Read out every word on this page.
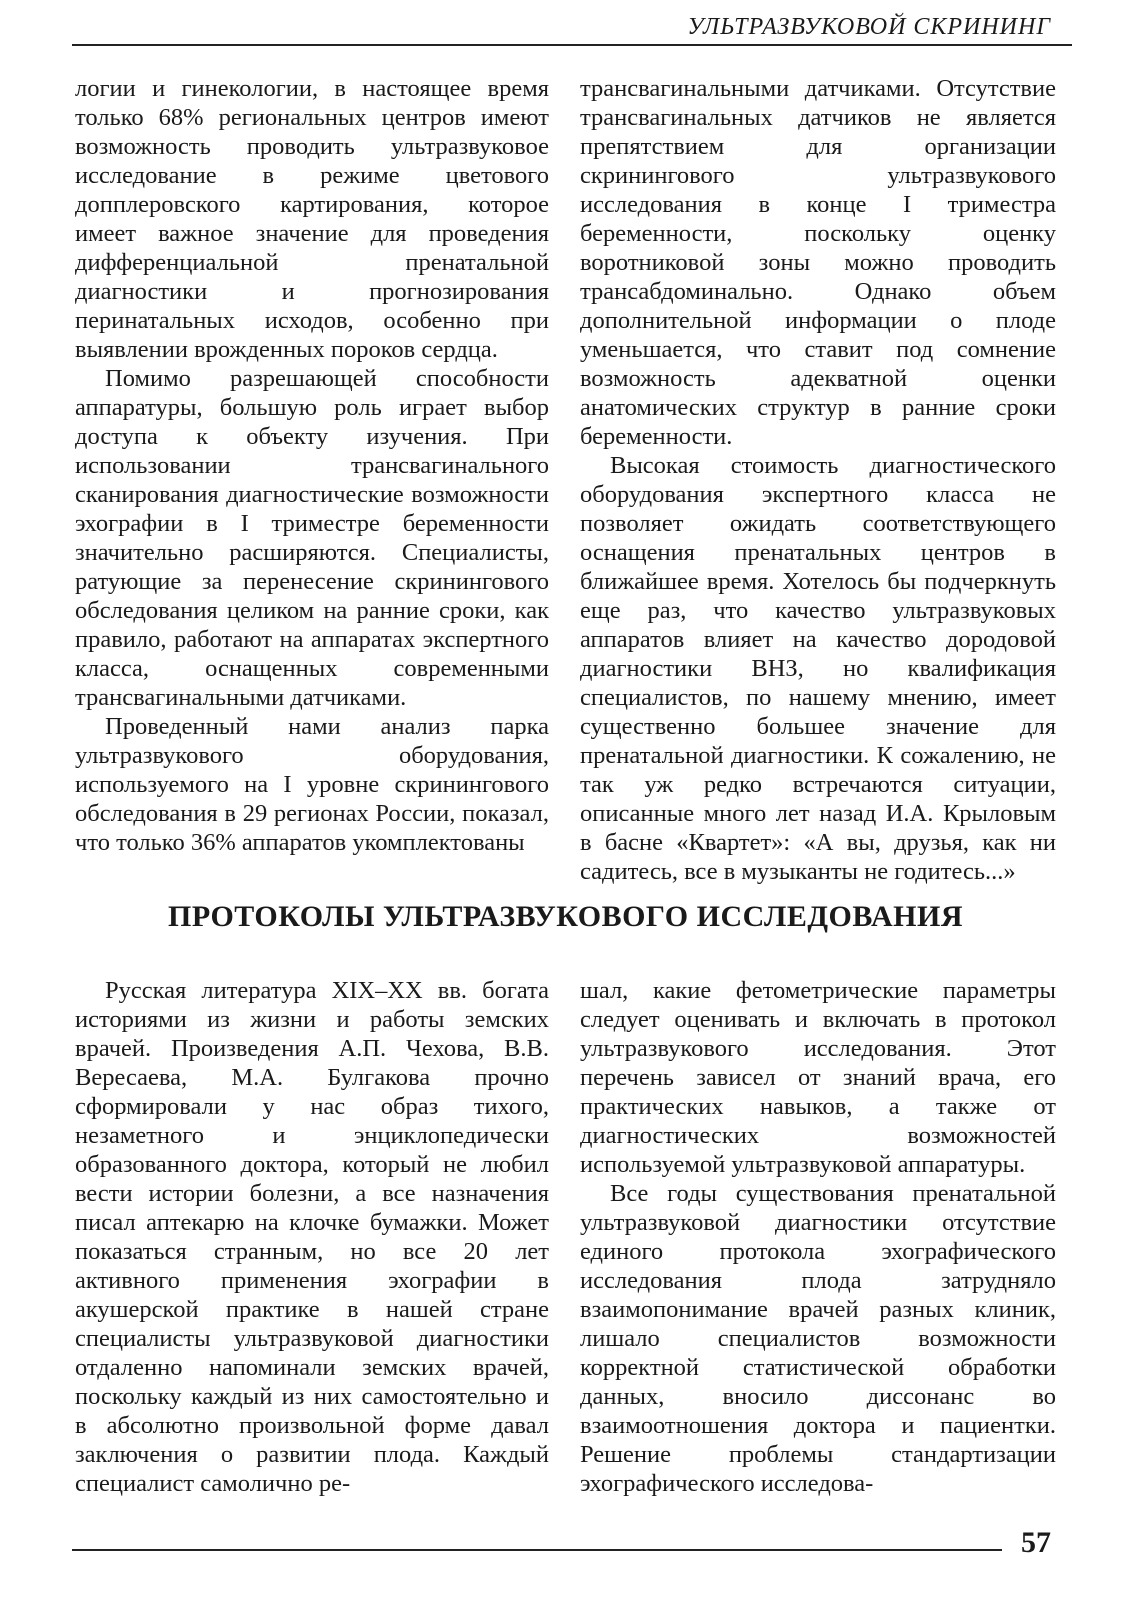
УЛЬТРАЗВУКОВОЙ СКРИНИНГ

логии и гинекологии, в настоящее время только 68% региональных центров имеют возможность проводить ультразвуковое исследование в режиме цветового допплеровского картирования, которое имеет важное значение для проведения дифференциальной пренатальной диагностики и прогнозирования перинатальных исходов, особенно при выявлении врожденных пороков сердца.

Помимо разрешающей способности аппаратуры, большую роль играет выбор доступа к объекту изучения. При использовании трансвагинального сканирования диагностические возможности эхографии в I триместре беременности значительно расширяются. Специалисты, ратующие за перенесение скринингового обследования целиком на ранние сроки, как правило, работают на аппаратах экспертного класса, оснащенных современными трансвагинальными датчиками.

Проведенный нами анализ парка ультразвукового оборудования, используемого на I уровне скринингового обследования в 29 регионах России, показал, что только 36% аппаратов укомплектованы

трансвагинальными датчиками. Отсутствие трансвагинальных датчиков не является препятствием для организации скринингового ультразвукового исследования в конце I триместра беременности, поскольку оценку воротниковой зоны можно проводить трансабдоминально. Однако объем дополнительной информации о плоде уменьшается, что ставит под сомнение возможность адекватной оценки анатомических структур в ранние сроки беременности.

Высокая стоимость диагностического оборудования экспертного класса не позволяет ожидать соответствующего оснащения пренатальных центров в ближайшее время. Хотелось бы подчеркнуть еще раз, что качество ультразвуковых аппаратов влияет на качество дородовой диагностики ВНЗ, но квалификация специалистов, по нашему мнению, имеет существенно большее значение для пренатальной диагностики. К сожалению, не так уж редко встречаются ситуации, описанные много лет назад И.А. Крыловым в басне «Квартет»: «А вы, друзья, как ни садитесь, все в музыканты не годитесь...»

ПРОТОКОЛЫ УЛЬТРАЗВУКОВОГО ИССЛЕДОВАНИЯ

Русская литература XIX–XX вв. богата историями из жизни и работы земских врачей. Произведения А.П. Чехова, В.В. Вересаева, М.А. Булгакова прочно сформировали у нас образ тихого, незаметного и энциклопедически образованного доктора, который не любил вести истории болезни, а все назначения писал аптекарю на клочке бумажки. Может показаться странным, но все 20 лет активного применения эхографии в акушерской практике в нашей стране специалисты ультразвуковой диагностики отдаленно напоминали земских врачей, поскольку каждый из них самостоятельно и в абсолютно произвольной форме давал заключения о развитии плода. Каждый специалист самолично ре-

шал, какие фетометрические параметры следует оценивать и включать в протокол ультразвукового исследования. Этот перечень зависел от знаний врача, его практических навыков, а также от диагностических возможностей используемой ультразвуковой аппаратуры.

Все годы существования пренатальной ультразвуковой диагностики отсутствие единого протокола эхографического исследования плода затрудняло взаимопонимание врачей разных клиник, лишало специалистов возможности корректной статистической обработки данных, вносило диссонанс во взаимоотношения доктора и пациентки. Решение проблемы стандартизации эхографического исследова-

57
